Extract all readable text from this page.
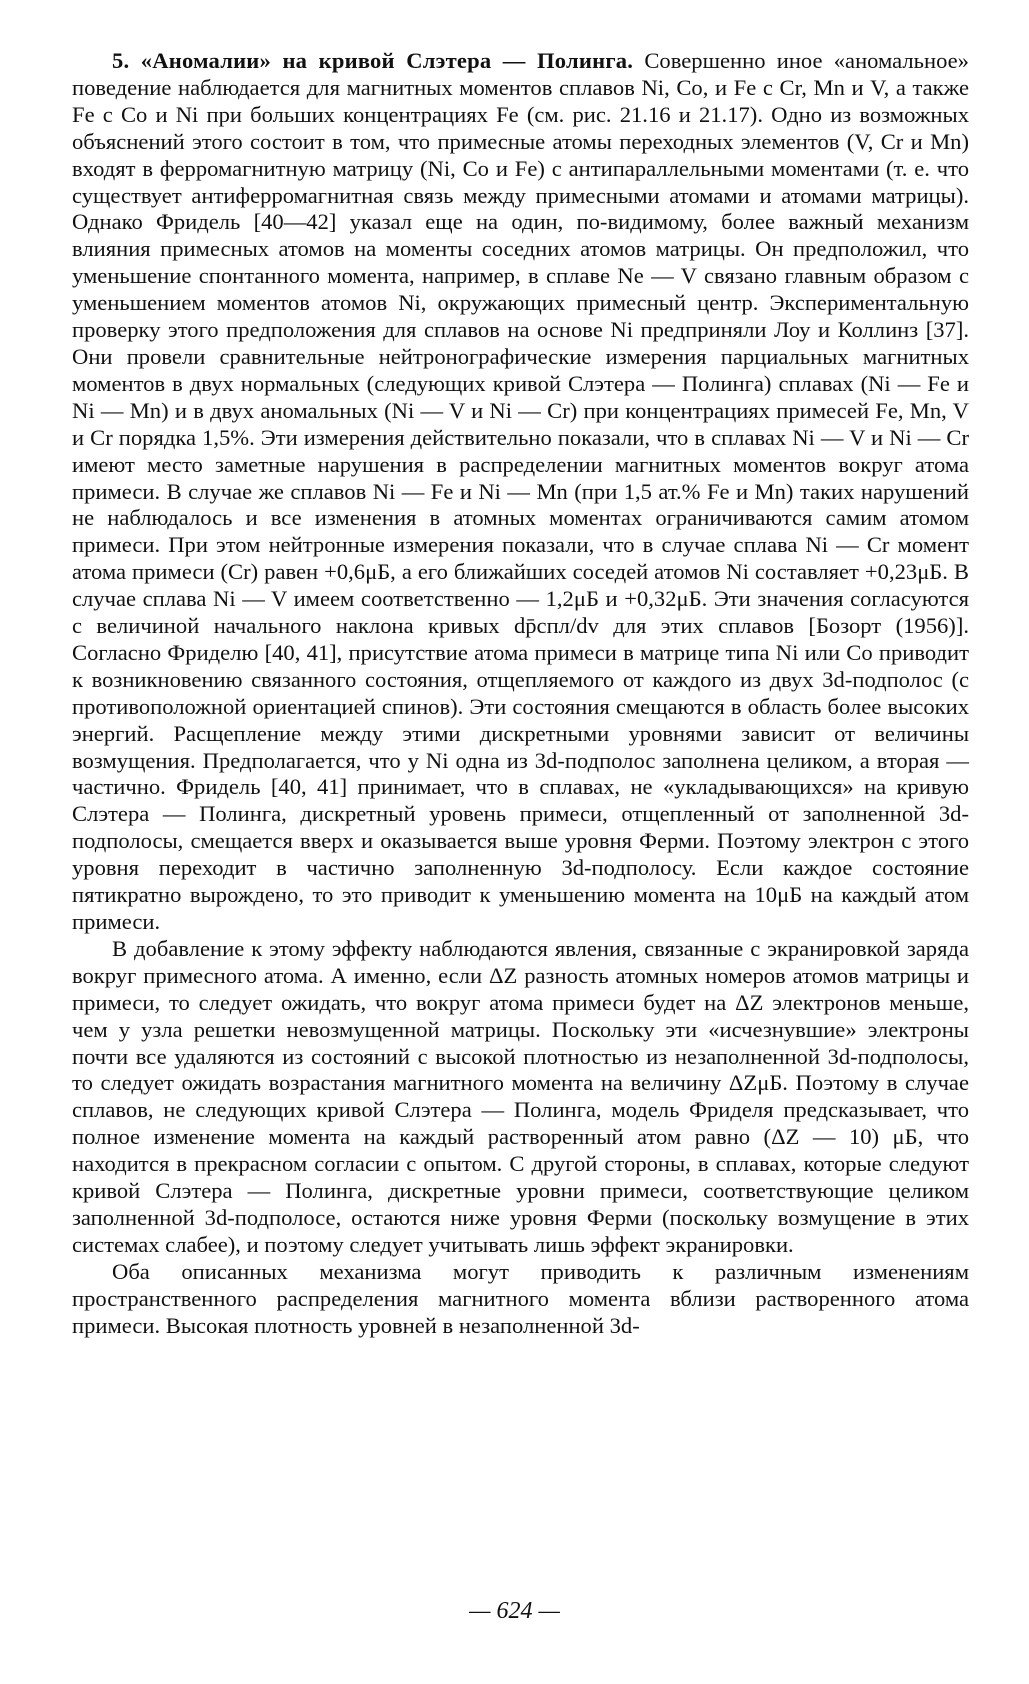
5. «Аномалии» на кривой Слэтера — Полинга. Совершенно иное «аномальное» поведение наблюдается для магнитных моментов сплавов Ni, Co, и Fe с Cr, Mn и V, а также Fe с Co и Ni при больших концентрациях Fe (см. рис. 21.16 и 21.17). Одно из возможных объяснений этого состоит в том, что примесные атомы переходных элементов (V, Cr и Mn) входят в ферромагнитную матрицу (Ni, Co и Fe) с антипараллельными моментами (т. е. что существует антиферромагнитная связь между примесными атомами и атомами матрицы). Однако Фридель [40—42] указал еще на один, по-видимому, более важный механизм влияния примесных атомов на моменты соседних атомов матрицы. Он предположил, что уменьшение спонтанного момента, например, в сплаве Ne — V связано главным образом с уменьшением моментов атомов Ni, окружающих примесный центр. Экспериментальную проверку этого предположения для сплавов на основе Ni предприняли Лоу и Коллинз [37]. Они провели сравнительные нейтронографические измерения парциальных магнитных моментов в двух нормальных (следующих кривой Слэтера — Полинга) сплавах (Ni — Fe и Ni — Mn) и в двух аномальных (Ni — V и Ni — Cr) при концентрациях примесей Fe, Mn, V и Cr порядка 1,5%. Эти измерения действительно показали, что в сплавах Ni — V и Ni — Cr имеют место заметные нарушения в распределении магнитных моментов вокруг атома примеси. В случае же сплавов Ni — Fe и Ni — Mn (при 1,5 ат.% Fe и Mn) таких нарушений не наблюдалось и все изменения в атомных моментах ограничиваются самим атомом примеси. При этом нейтронные измерения показали, что в случае сплава Ni — Cr момент атома примеси (Cr) равен +0,6μБ, а его ближайших соседей атомов Ni составляет +0,23μБ. В случае сплава Ni — V имеем соответственно — 1,2μБ и +0,32μБ. Эти значения согласуются с величиной начального наклона кривых dp̄спл/dv для этих сплавов [Бозорт (1956)]. Согласно Фриделю [40, 41], присутствие атома примеси в матрице типа Ni или Co приводит к возникновению связанного состояния, отщепляемого от каждого из двух 3d-подполос (с противоположной ориентацией спинов). Эти состояния смещаются в область более высоких энергий. Расщепление между этими дискретными уровнями зависит от величины возмущения. Предполагается, что у Ni одна из 3d-подполос заполнена целиком, а вторая — частично. Фридель [40, 41] принимает, что в сплавах, не «укладывающихся» на кривую Слэтера — Полинга, дискретный уровень примеси, отщепленный от заполненной 3d-подполосы, смещается вверх и оказывается выше уровня Ферми. Поэтому электрон с этого уровня переходит в частично заполненную 3d-подполосу. Если каждое состояние пятикратно вырождено, то это приводит к уменьшению момента на 10μБ на каждый атом примеси.

В добавление к этому эффекту наблюдаются явления, связанные с экранировкой заряда вокруг примесного атома. А именно, если ΔZ разность атомных номеров атомов матрицы и примеси, то следует ожидать, что вокруг атома примеси будет на ΔZ электронов меньше, чем у узла решетки невозмущенной матрицы. Поскольку эти «исчезнувшие» электроны почти все удаляются из состояний с высокой плотностью из незаполненной 3d-подполосы, то следует ожидать возрастания магнитного момента на величину ΔZμБ. Поэтому в случае сплавов, не следующих кривой Слэтера — Полинга, модель Фриделя предсказывает, что полное изменение момента на каждый растворенный атом равно (ΔZ — 10) μБ, что находится в прекрасном согласии с опытом. С другой стороны, в сплавах, которые следуют кривой Слэтера — Полинга, дискретные уровни примеси, соответствующие целиком заполненной 3d-подполосе, остаются ниже уровня Ферми (поскольку возмущение в этих системах слабее), и поэтому следует учитывать лишь эффект экранировки.

Оба описанных механизма могут приводить к различным изменениям пространственного распределения магнитного момента вблизи растворенного атома примеси. Высокая плотность уровней в незаполненной 3d-

— 624 —
